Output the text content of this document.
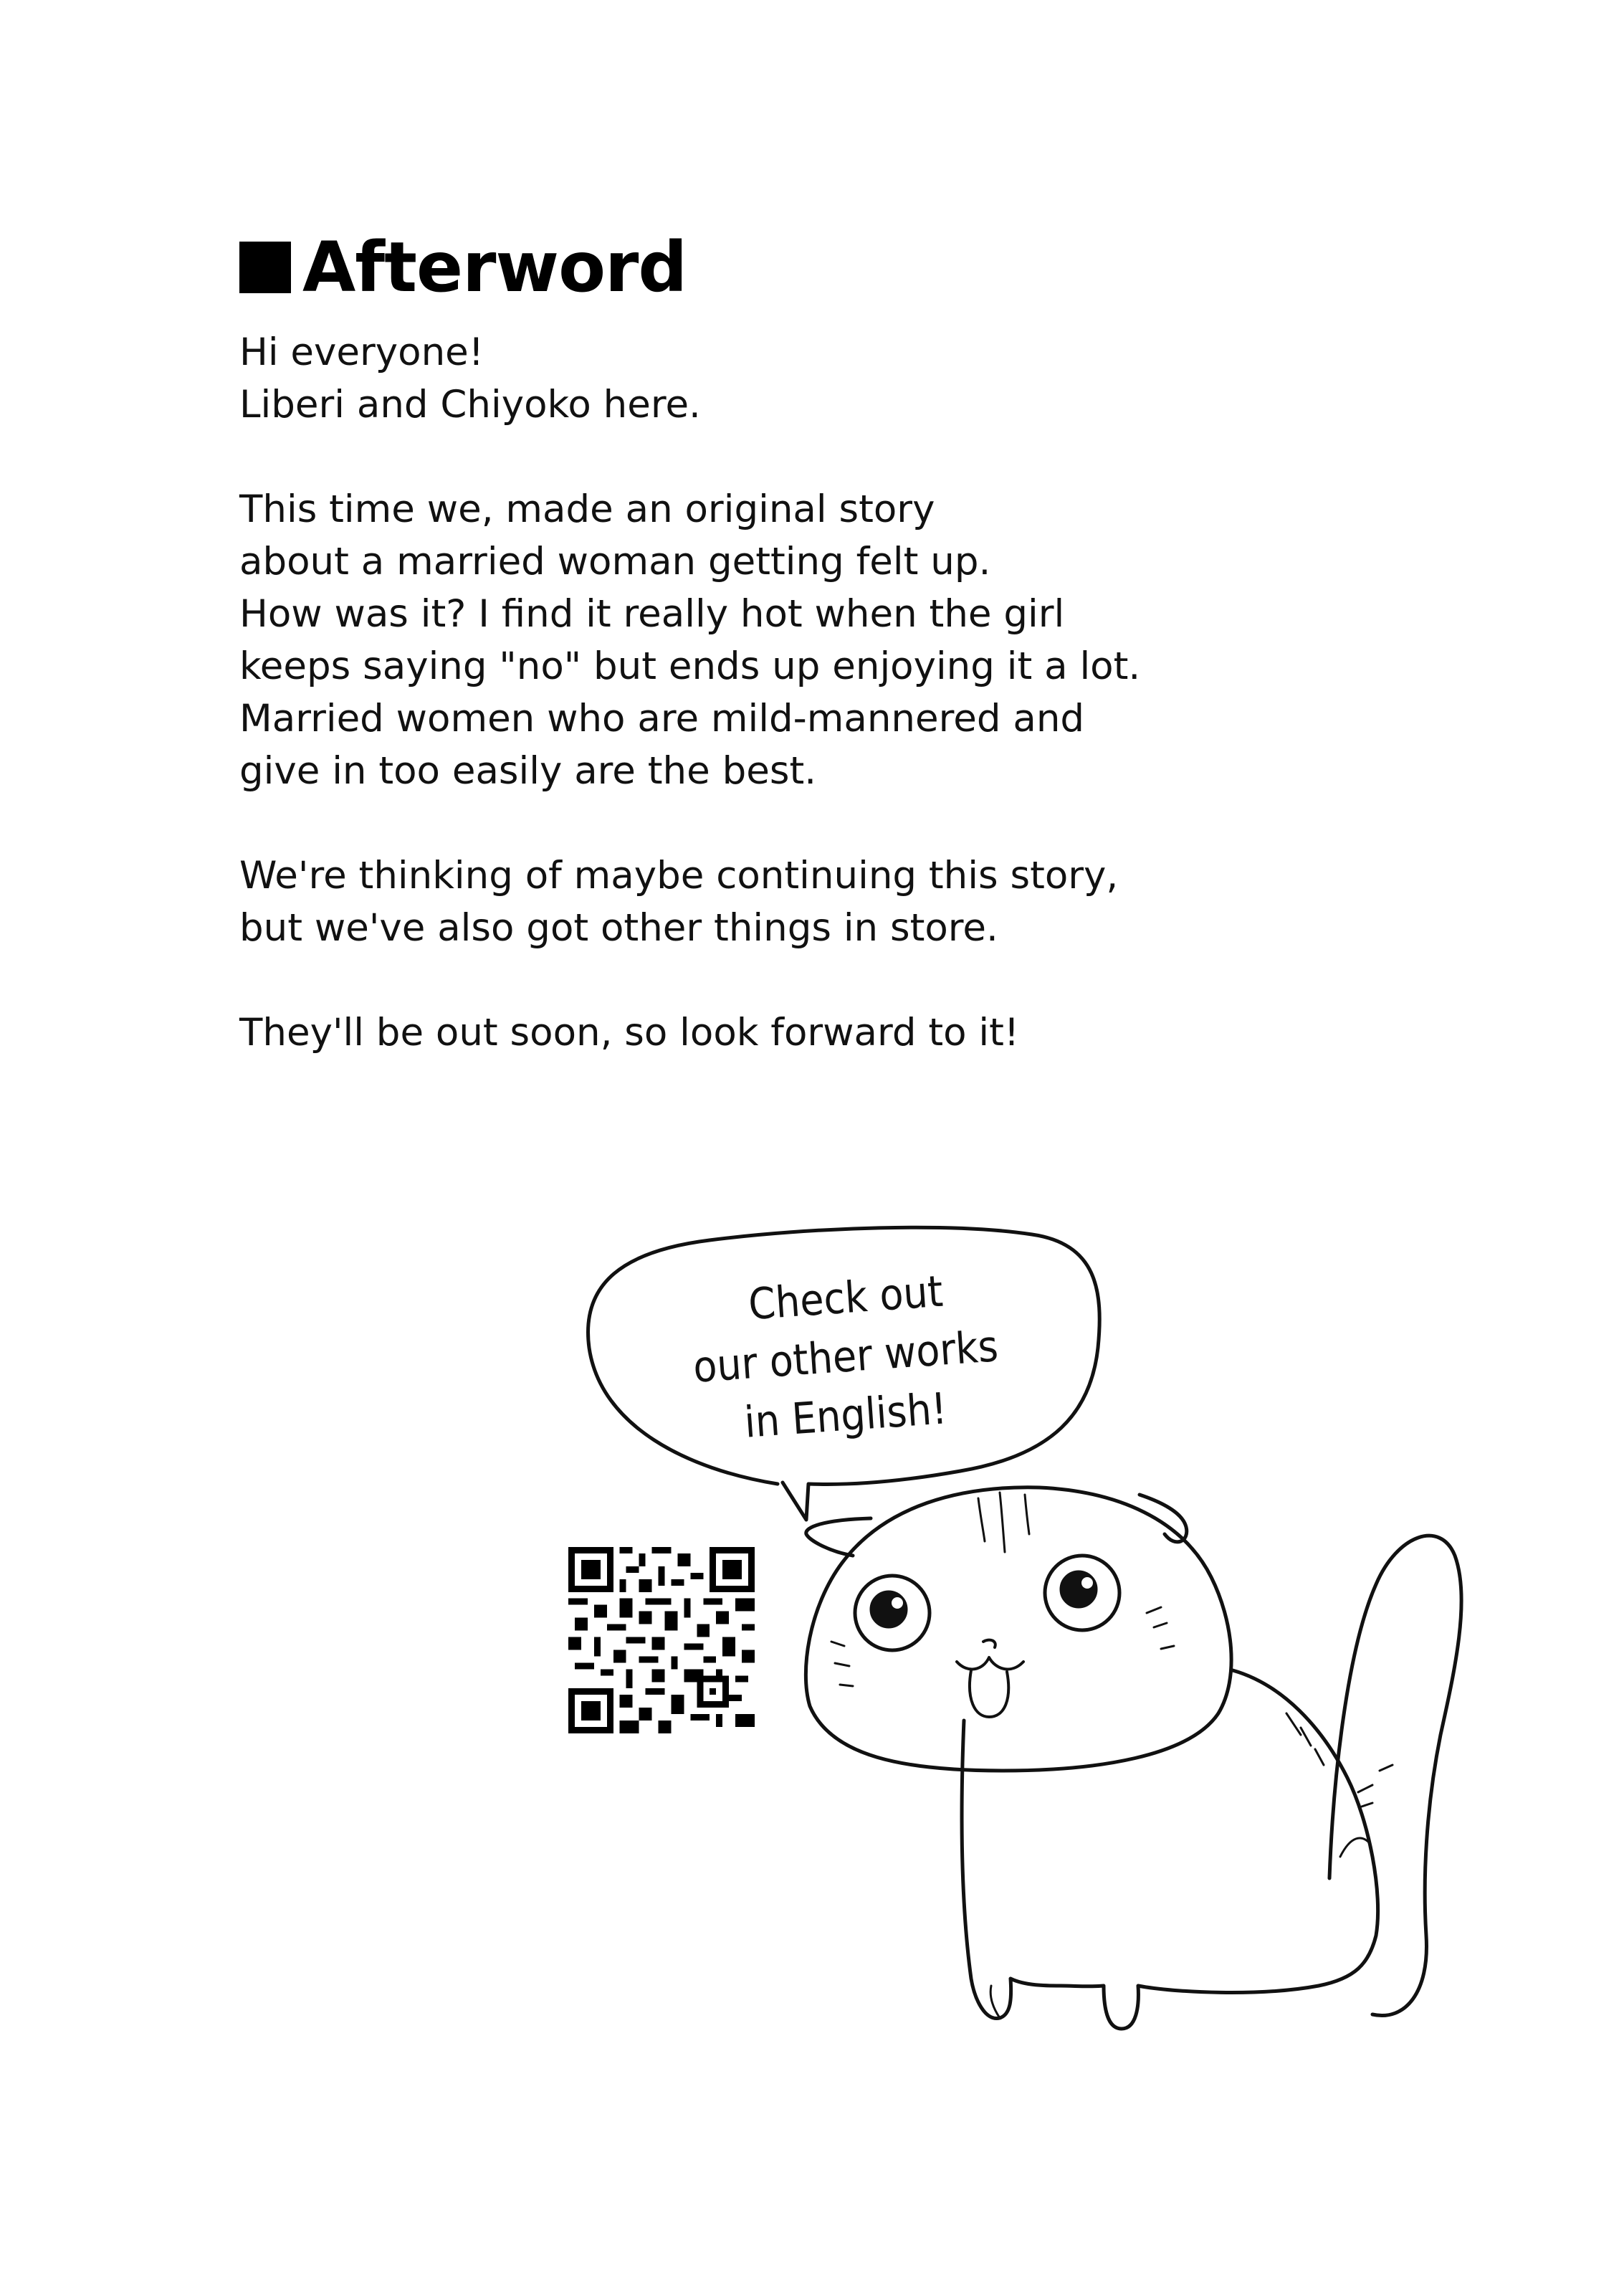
Afterword

Hi everyone!
Liberi and Chiyoko here.

This time we, made an original story
about a married woman getting felt up.
How was it? I find it really hot when the girl
keeps saying "no" but ends up enjoying it a lot.
Married women who are mild-mannered and
give in too easily are the best.

We're thinking of maybe continuing this story,
but we've also got other things in store.

They'll be out soon, so look forward to it!

Check out
our other works
in English!
